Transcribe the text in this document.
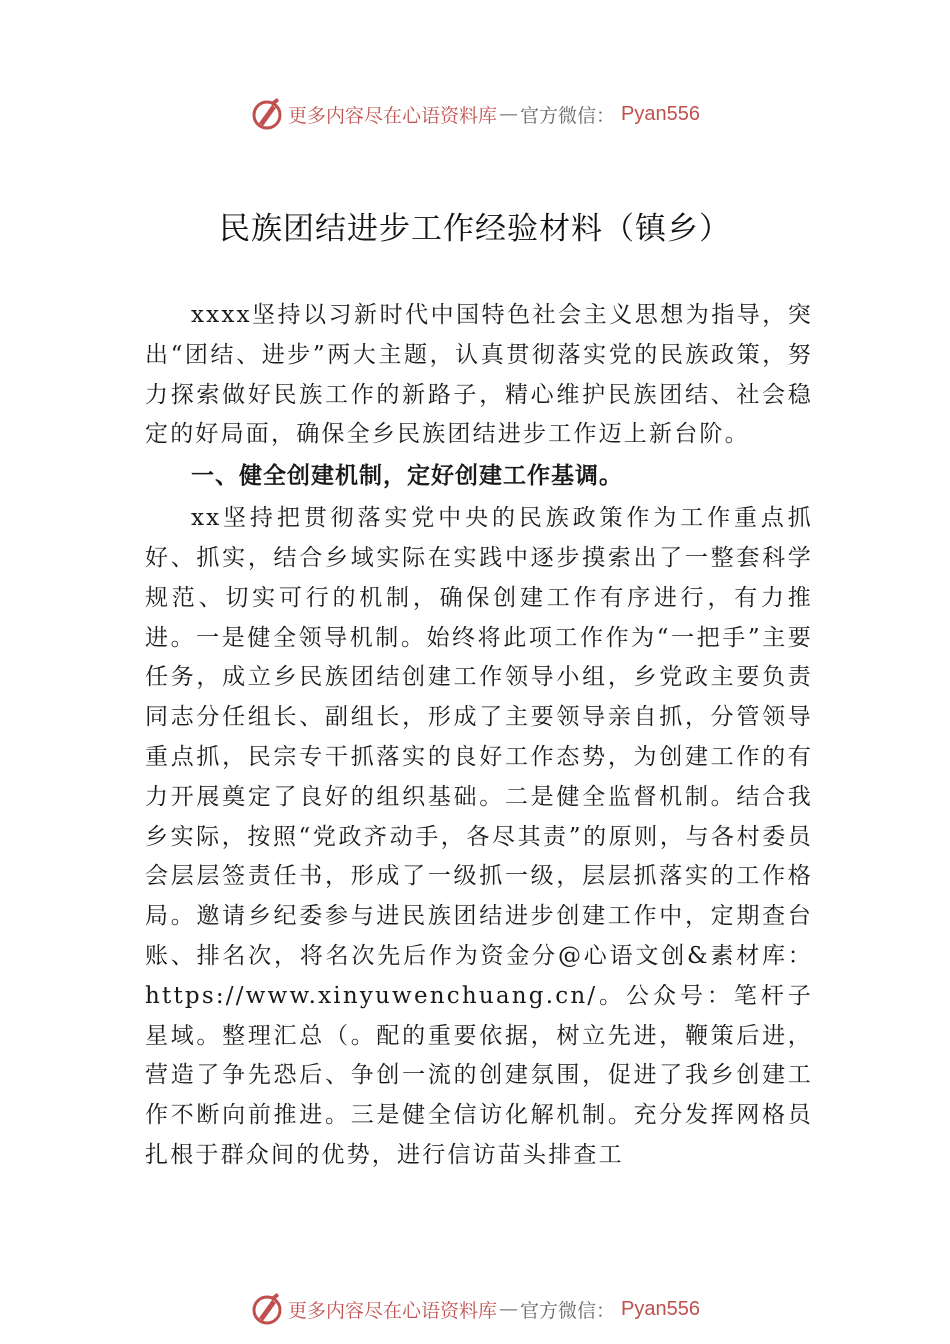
更多内容尽在心语资料库 — 官方微信： Pyan556
民族团结进步工作经验材料（镇乡）

xxxx坚持以习新时代中国特色社会主义思想为指导，突出“团结、进步”两大主题，认真贯彻落实党的民族政策，努力探索做好民族工作的新路子，精心维护民族团结、社会稳定的好局面，确保全乡民族团结进步工作迈上新台阶。

一、健全创建机制，定好创建工作基调。

xx坚持把贯彻落实党中央的民族政策作为工作重点抓好、抓实，结合乡域实际在实践中逐步摸索出了一整套科学规范、切实可行的机制，确保创建工作有序进行，有力推进。一是健全领导机制。始终将此项工作作为“一把手”主要任务，成立乡民族团结创建工作领导小组，乡党政主要负责同志分任组长、副组长，形成了主要领导亲自抓，分管领导重点抓，民宗专干抓落实的良好工作态势，为创建工作的有力开展奠定了良好的组织基础。二是健全监督机制。结合我乡实际，按照“党政齐动手，各尽其责”的原则，与各村委员会层层签责任书，形成了一级抓一级，层层抓落实的工作格局。邀请乡纪委参与进民族团结进步创建工作中，定期查台账、排名次，将名次先后作为资金分@心语文创&素材库：https://www.xinyuwenchuang.cn/。公众号：笔杆子星域。整理汇总（。配的重要依据，树立先进，鞭策后进，营造了争先恐后、争创一流的创建氛围，促进了我乡创建工作不断向前推进。三是健全信访化解机制。充分发挥网格员扎根于群众间的优势，进行信访苗头排查工

更多内容尽在心语资料库 — 官方微信： Pyan556
